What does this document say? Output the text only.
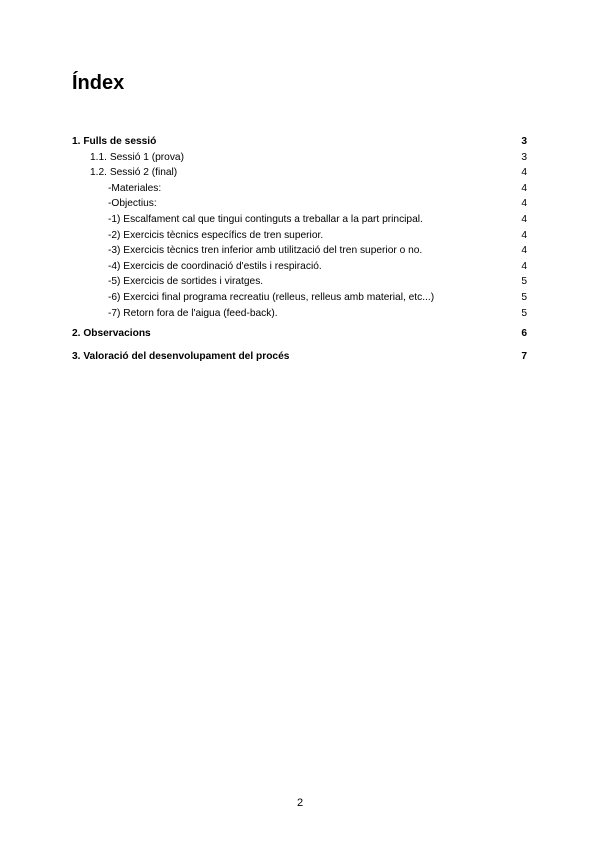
Índex
1. Fulls de sessió	3
1.1. Sessió 1 (prova)	3
1.2. Sessió 2 (final)	4
-Materiales:	4
-Objectius:	4
-1) Escalfament cal que tingui continguts a treballar a la part principal.	4
-2) Exercicis tècnics específics de tren superior.	4
-3) Exercicis tècnics tren inferior amb utilització del tren superior o no.	4
-4) Exercicis de coordinació d'estils i respiració.	4
-5) Exercicis de sortides i viratges.	5
-6) Exercici final programa recreatiu (relleus, relleus amb material, etc...)	5
-7) Retorn fora de l'aigua (feed-back).	5
2. Observacions	6
3. Valoració del desenvolupament del procés	7
2
